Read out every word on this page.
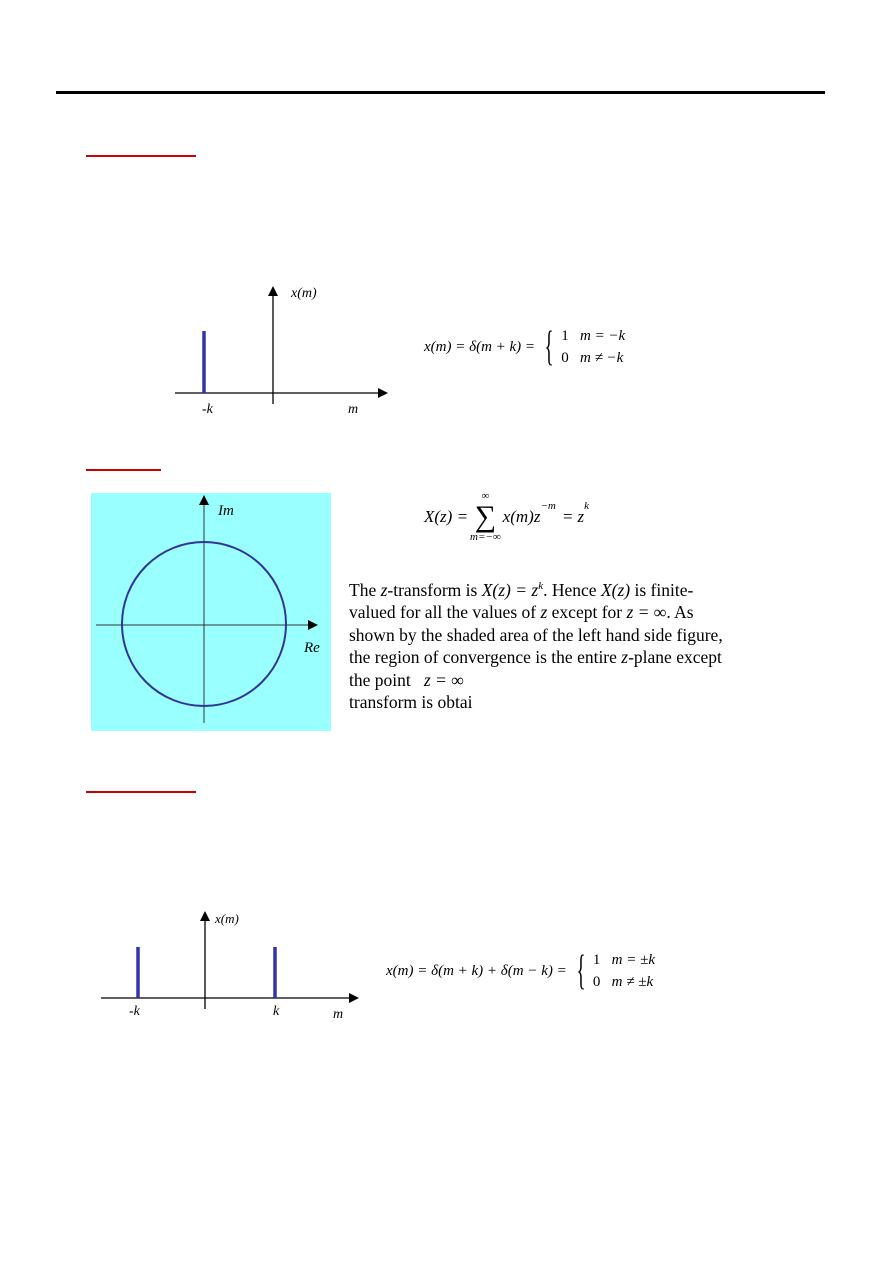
x(m)
m
-k
x(m) = δ(m + k) = { 1 m = −k
0 m ≠ −k
Im
Re
X(z) =
∞
∑
m=−∞
x(m)z
$^{-m}$
= z
$^k$
The z-transform is $X(z) = z^k$. Hence X(z) is finite-
valued for all the values of z except for z = ∞. As
shown by the shaded area of the left hand side figure,
the region of convergence is the entire z-plane except
the point z = ∞
transform is obtai
x(m)
m
-k	k
x(m) = δ(m + k) + δ(m − k) = { 1 m = ±k
0 m ≠ ±k
